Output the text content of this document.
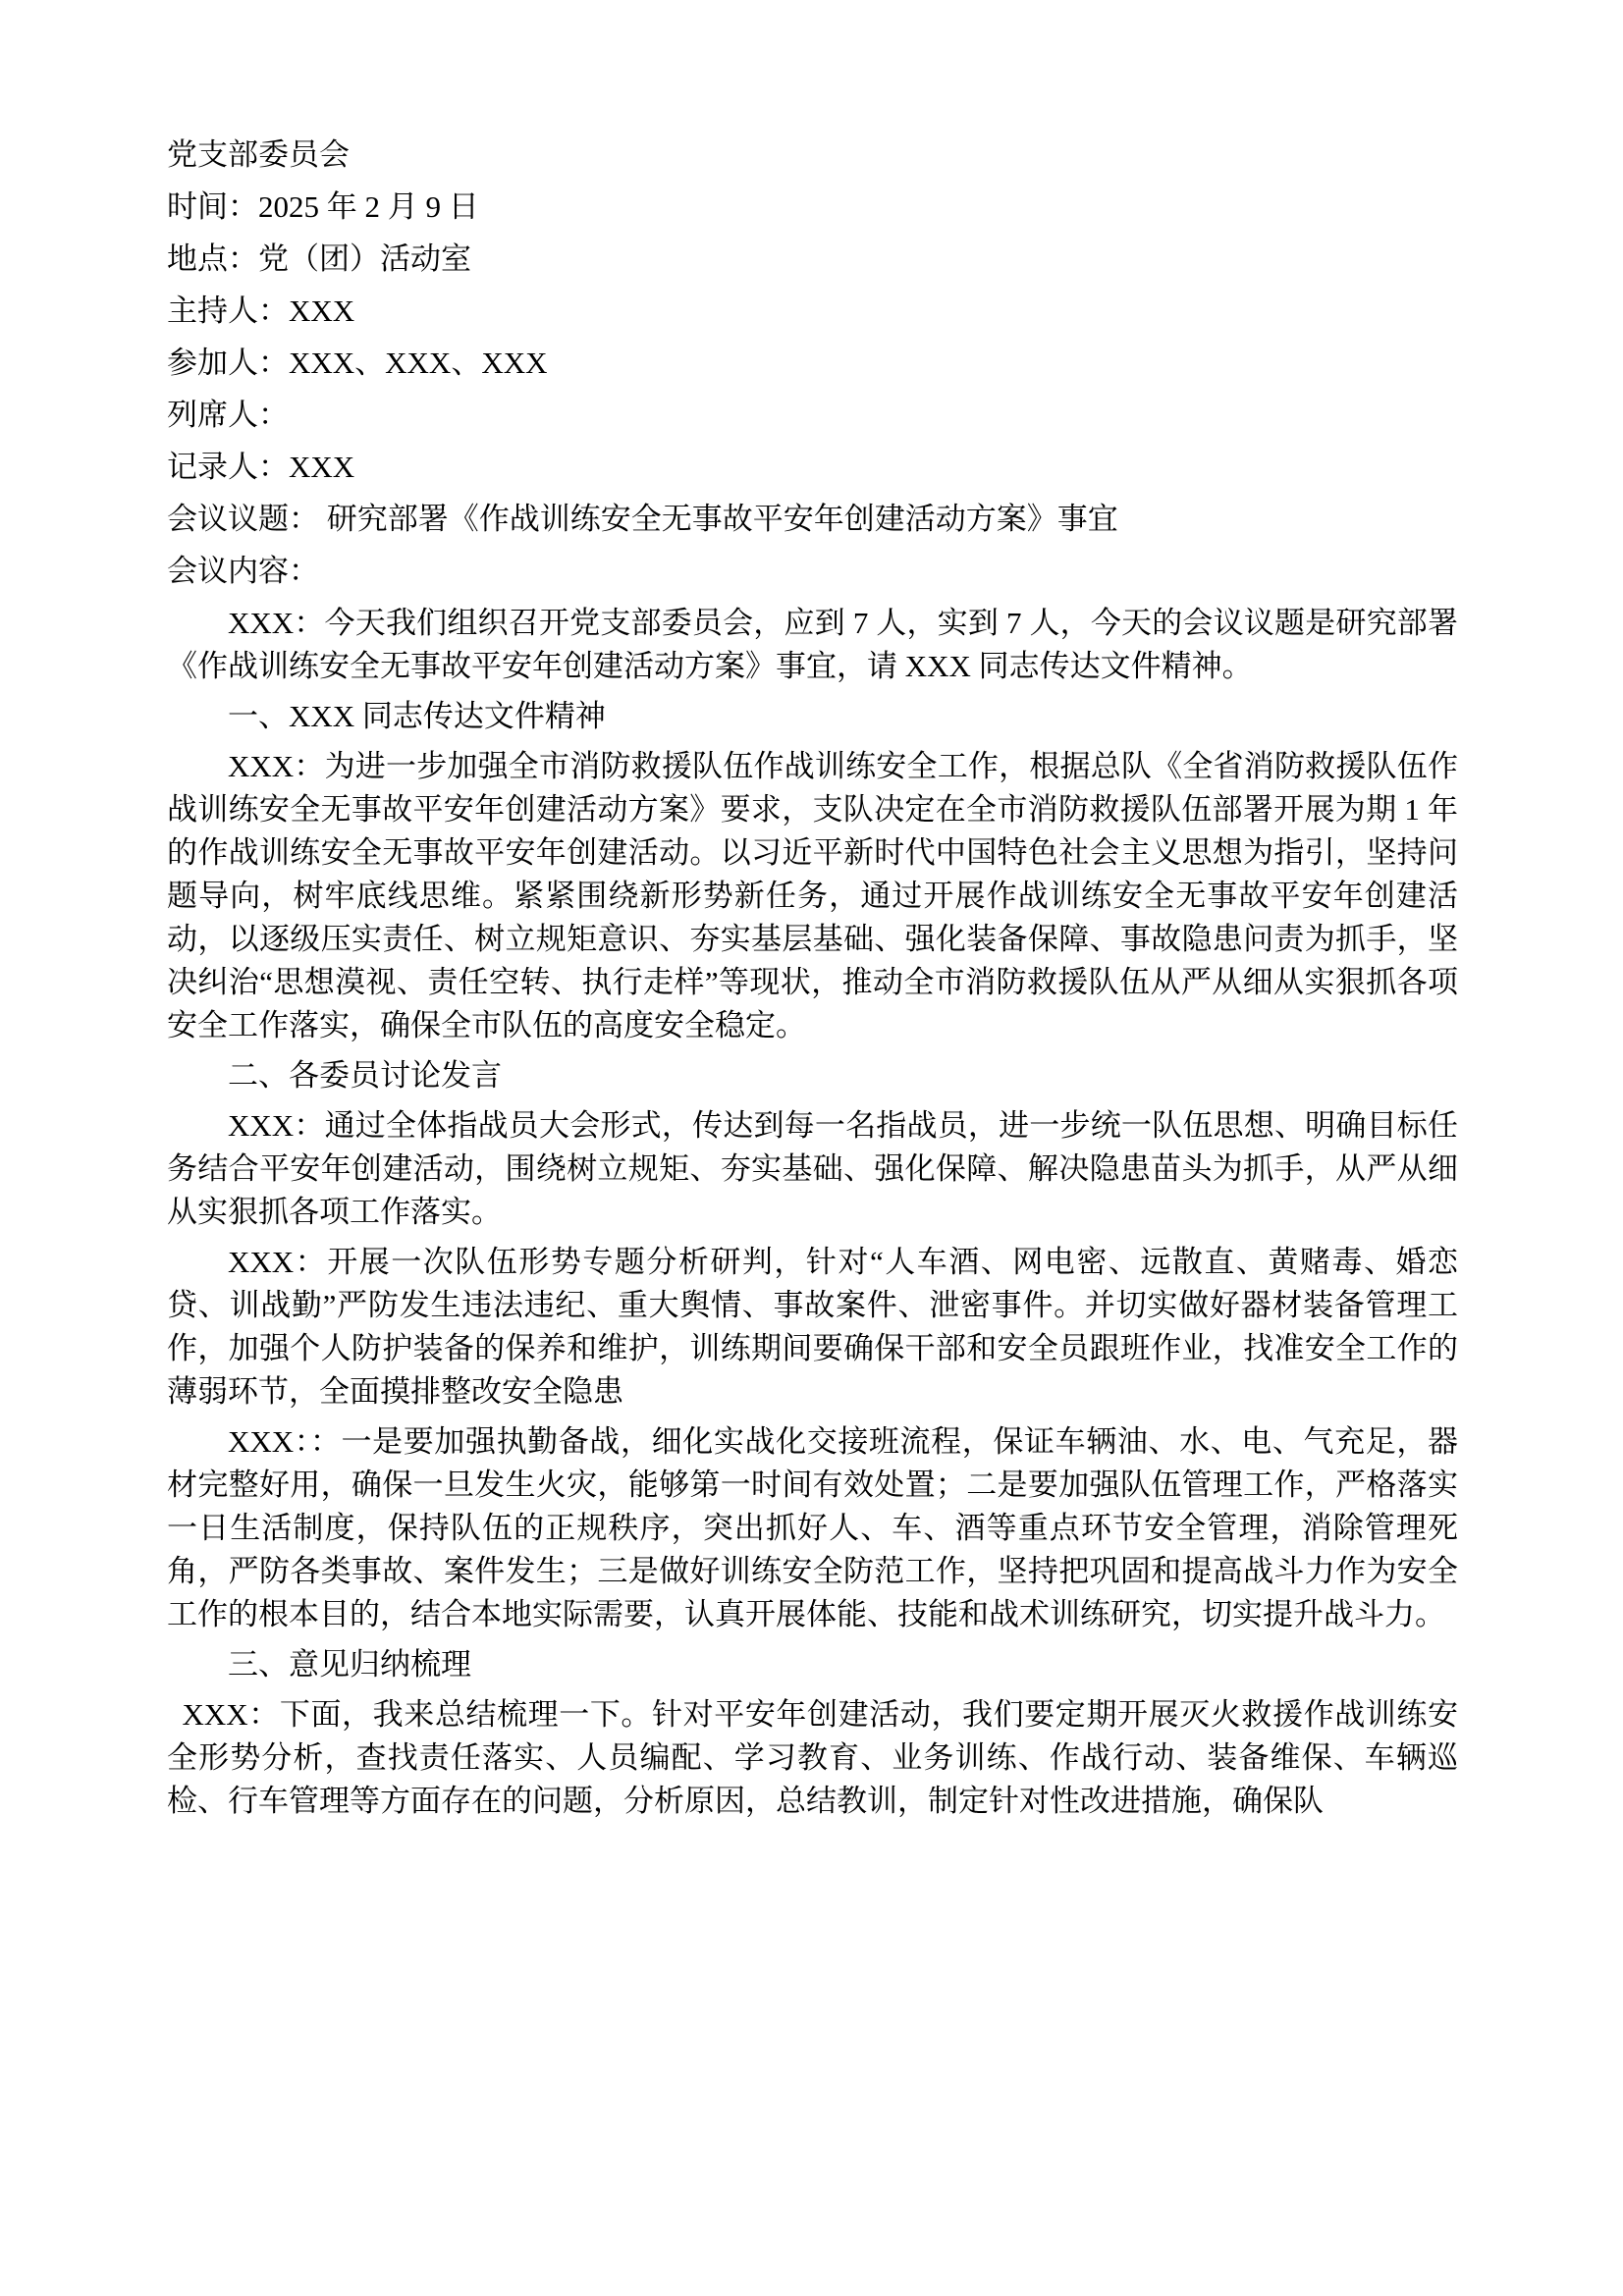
党支部委员会

时间：2025 年 2 月 9 日

地点：党（团）活动室

主持人：XXX

参加人：XXX、XXX、XXX

列席人：

记录人：XXX

会议议题： 研究部署《作战训练安全无事故平安年创建活动方案》事宜

会议内容：

XXX：今天我们组织召开党支部委员会，应到 7 人，实到 7 人，今天的会议议题是研究部署《作战训练安全无事故平安年创建活动方案》事宜，请 XXX 同志传达文件精神。

一、XXX 同志传达文件精神

XXX：为进一步加强全市消防救援队伍作战训练安全工作，根据总队《全省消防救援队伍作战训练安全无事故平安年创建活动方案》要求，支队决定在全市消防救援队伍部署开展为期 1 年的作战训练安全无事故平安年创建活动。以习近平新时代中国特色社会主义思想为指引，坚持问题导向，树牢底线思维。紧紧围绕新形势新任务，通过开展作战训练安全无事故平安年创建活动，以逐级压实责任、树立规矩意识、夯实基层基础、强化装备保障、事故隐患问责为抓手，坚决纠治“思想漠视、责任空转、执行走样”等现状，推动全市消防救援队伍从严从细从实狠抓各项安全工作落实，确保全市队伍的高度安全稳定。

二、各委员讨论发言

XXX：通过全体指战员大会形式，传达到每一名指战员，进一步统一队伍思想、明确目标任务结合平安年创建活动，围绕树立规矩、夯实基础、强化保障、解决隐患苗头为抓手，从严从细从实狠抓各项工作落实。

XXX：开展一次队伍形势专题分析研判，针对“人车酒、网电密、远散直、黄赌毒、婚恋贷、训战勤”严防发生违法违纪、重大舆情、事故案件、泄密事件。并切实做好器材装备管理工作，加强个人防护装备的保养和维护，训练期间要确保干部和安全员跟班作业，找准安全工作的薄弱环节，全面摸排整改安全隐患

XXX：：一是要加强执勤备战，细化实战化交接班流程，保证车辆油、水、电、气充足，器材完整好用，确保一旦发生火灾，能够第一时间有效处置；二是要加强队伍管理工作，严格落实一日生活制度，保持队伍的正规秩序，突出抓好人、车、酒等重点环节安全管理，消除管理死角，严防各类事故、案件发生；三是做好训练安全防范工作，坚持把巩固和提高战斗力作为安全工作的根本目的，结合本地实际需要，认真开展体能、技能和战术训练研究，切实提升战斗力。

三、意见归纳梳理

XXX：下面，我来总结梳理一下。针对平安年创建活动，我们要定期开展灭火救援作战训练安全形势分析，查找责任落实、人员编配、学习教育、业务训练、作战行动、装备维保、车辆巡检、行车管理等方面存在的问题，分析原因，总结教训，制定针对性改进措施，确保队
